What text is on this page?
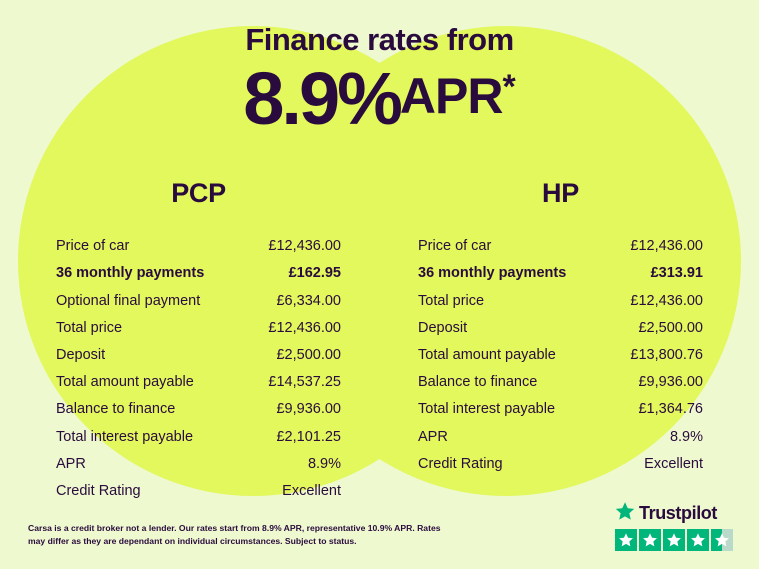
Finance rates from
8.9%APR*
PCP
Price of car	£12,436.00
36 monthly payments	£162.95
Optional final payment	£6,334.00
Total price	£12,436.00
Deposit	£2,500.00
Total amount payable	£14,537.25
Balance to finance	£9,936.00
Total interest payable	£2,101.25
APR	8.9%
Credit Rating	Excellent
HP
Price of car	£12,436.00
36 monthly payments	£313.91
Total price	£12,436.00
Deposit	£2,500.00
Total amount payable	£13,800.76
Balance to finance	£9,936.00
Total interest payable	£1,364.76
APR	8.9%
Credit Rating	Excellent
Carsa is a credit broker not a lender. Our rates start from 8.9% APR, representative 10.9% APR. Rates may differ as they are dependant on individual circumstances. Subject to status.
Trustpilot
